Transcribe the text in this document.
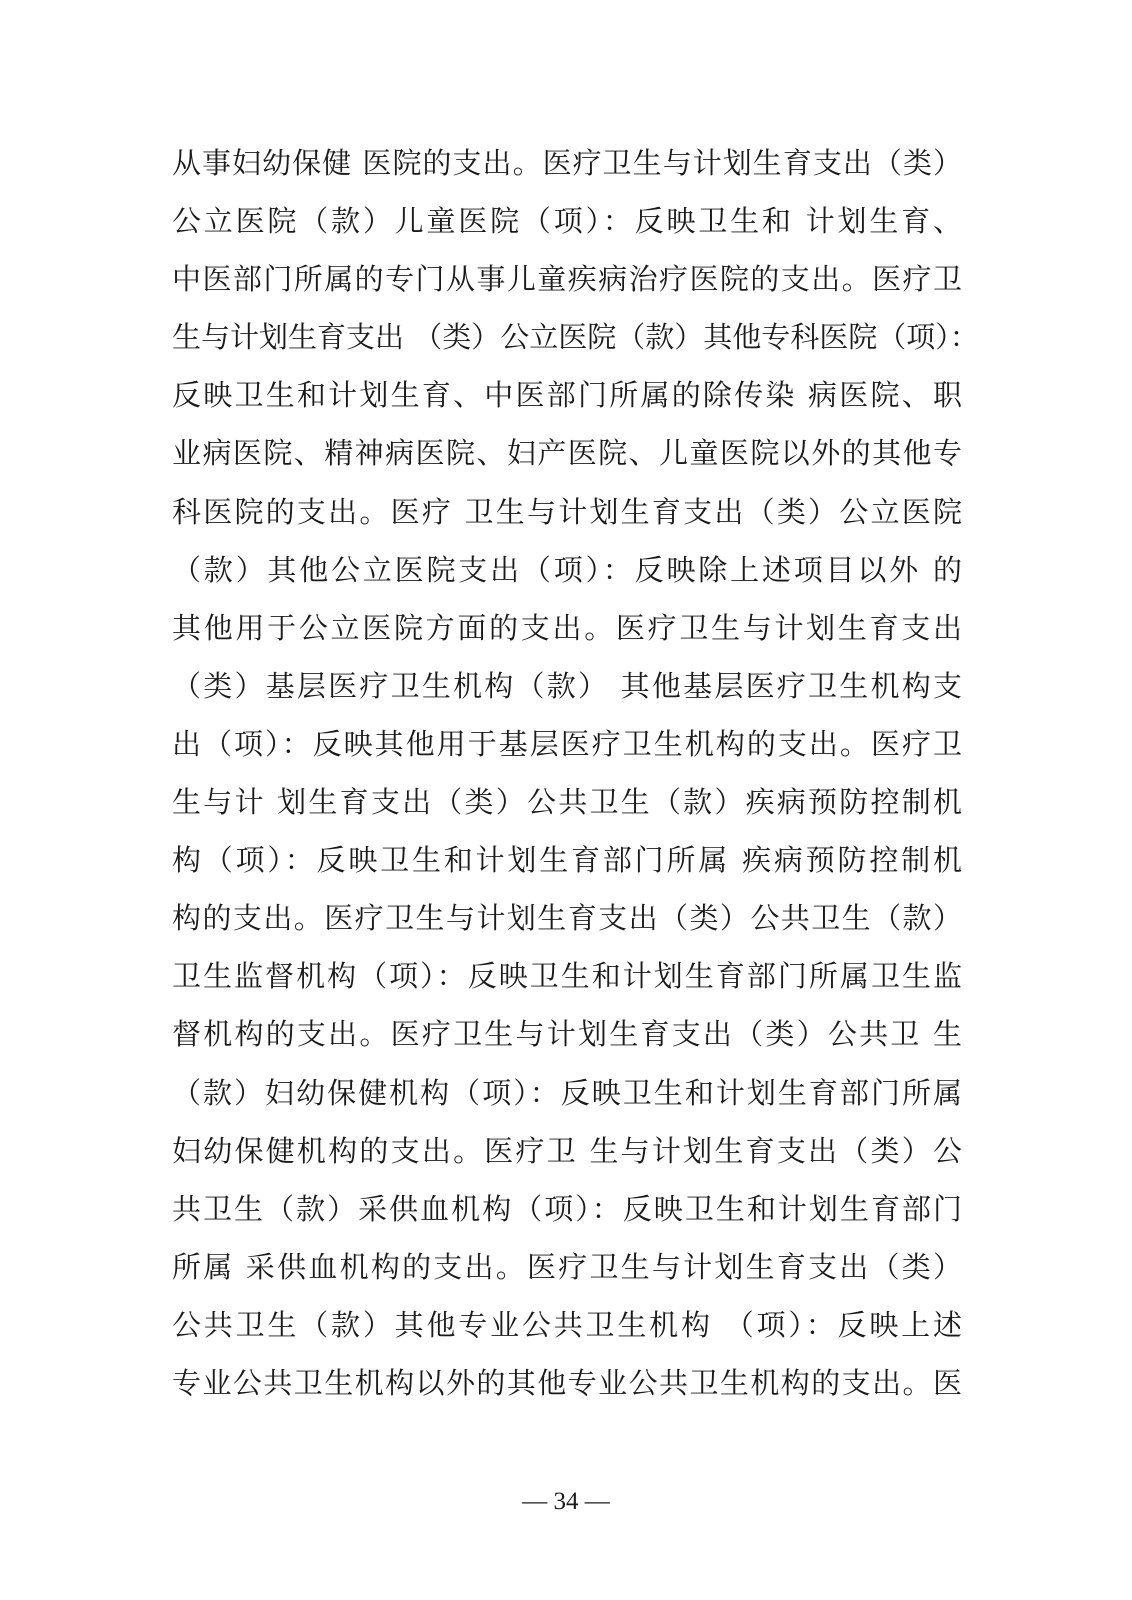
从事妇幼保健 医院的支出。医疗卫生与计划生育支出（类）
公立医院（款）儿童医院（项）：反映卫生和 计划生育、
中医部门所属的专门从事儿童疾病治疗医院的支出。医疗卫
生与计划生育支出 （类）公立医院（款）其他专科医院（项）：
反映卫生和计划生育、中医部门所属的除传染 病医院、职
业病医院、精神病医院、妇产医院、儿童医院以外的其他专
科医院的支出。医疗 卫生与计划生育支出（类）公立医院
（款）其他公立医院支出（项）：反映除上述项目以外 的
其他用于公立医院方面的支出。医疗卫生与计划生育支出
（类）基层医疗卫生机构（款） 其他基层医疗卫生机构支
出（项）：反映其他用于基层医疗卫生机构的支出。医疗卫
生与计 划生育支出（类）公共卫生（款）疾病预防控制机
构（项）：反映卫生和计划生育部门所属 疾病预防控制机
构的支出。医疗卫生与计划生育支出（类）公共卫生（款）
卫生监督机构（项）：反映卫生和计划生育部门所属卫生监
督机构的支出。医疗卫生与计划生育支出（类）公共卫 生
（款）妇幼保健机构（项）：反映卫生和计划生育部门所属
妇幼保健机构的支出。医疗卫 生与计划生育支出（类）公
共卫生（款）采供血机构（项）：反映卫生和计划生育部门
所属 采供血机构的支出。医疗卫生与计划生育支出（类）
公共卫生（款）其他专业公共卫生机构 （项）：反映上述
专业公共卫生机构以外的其他专业公共卫生机构的支出。医
— 34 —
